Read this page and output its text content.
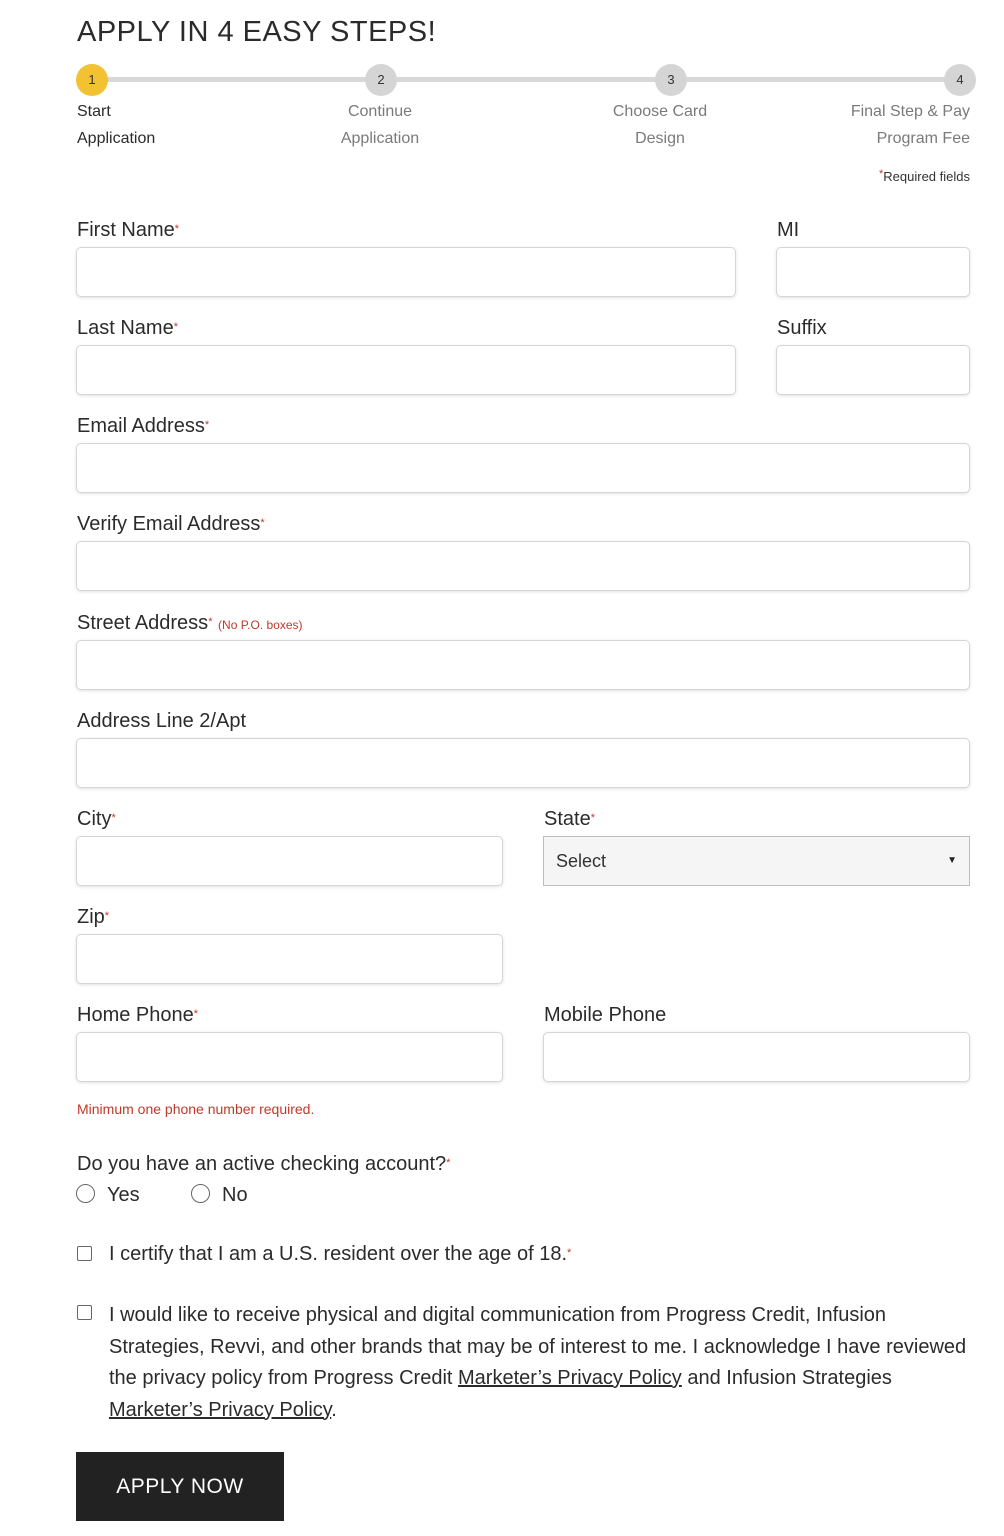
APPLY IN 4 EASY STEPS!
1	2	3	4
Start
Application
Continue
Application
Choose Card
Design
Final Step & Pay
Program Fee
*Required fields
First Name*	MI
Last Name*	Suffix
Email Address*
Verify Email Address*
Street Address* (No P.O. boxes)
Address Line 2/Apt
City*	State*
Select	▼
Zip*
Home Phone*	Mobile Phone
Minimum one phone number required.
Do you have an active checking account?*
Yes	No
I certify that I am a U.S. resident over the age of 18.*
I would like to receive physical and digital communication from Progress Credit, Infusion Strategies, Revvi, and other brands that may be of interest to me. I acknowledge I have reviewed the privacy policy from Progress Credit Marketer’s Privacy Policy and Infusion Strategies Marketer’s Privacy Policy.
APPLY NOW
